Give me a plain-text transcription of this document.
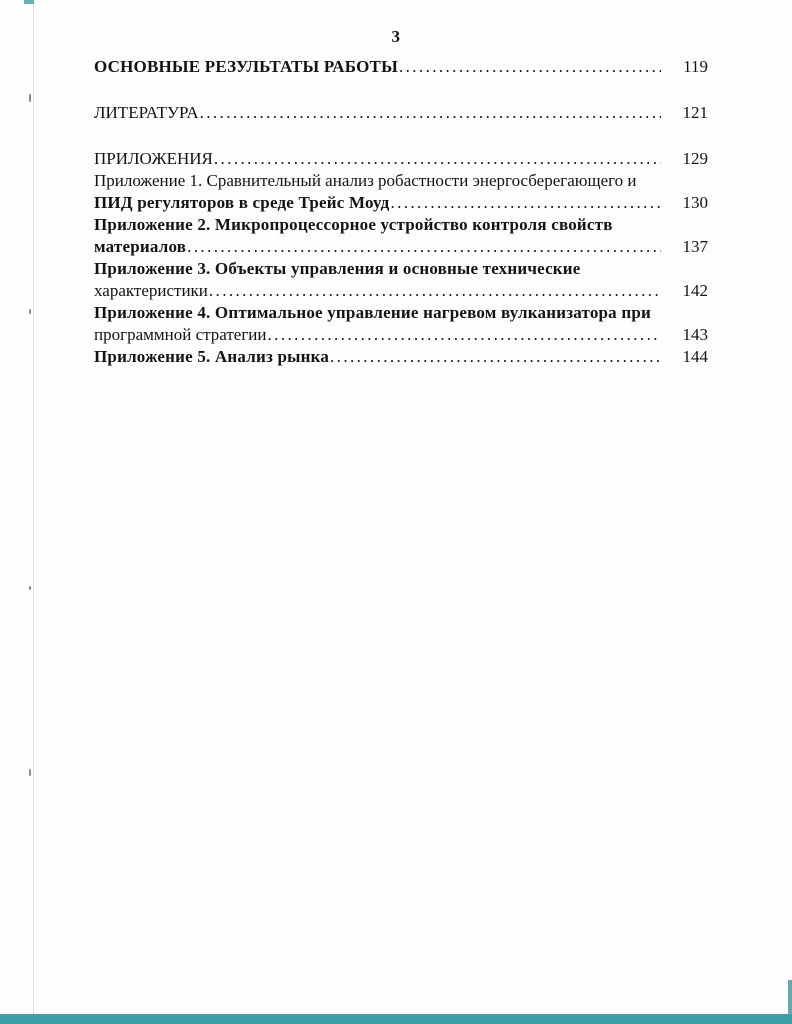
3
ОСНОВНЫЕ РЕЗУЛЬТАТЫ РАБОТЫ .....	119
ЛИТЕРАТУРА .....	121
ПРИЛОЖЕНИЯ .....	129
Приложение 1. Сравнительный анализ робастности энергосберегающего и
ПИД регуляторов в среде Трейс Моуд .....	130
Приложение 2. Микропроцессорное устройство контроля свойств
материалов .....	137
Приложение 3. Объекты управления и основные технические
характеристики .....	142
Приложение 4. Оптимальное управление нагревом вулканизатора при
программной стратегии .....	143
Приложение 5. Анализ рынка .....	144
